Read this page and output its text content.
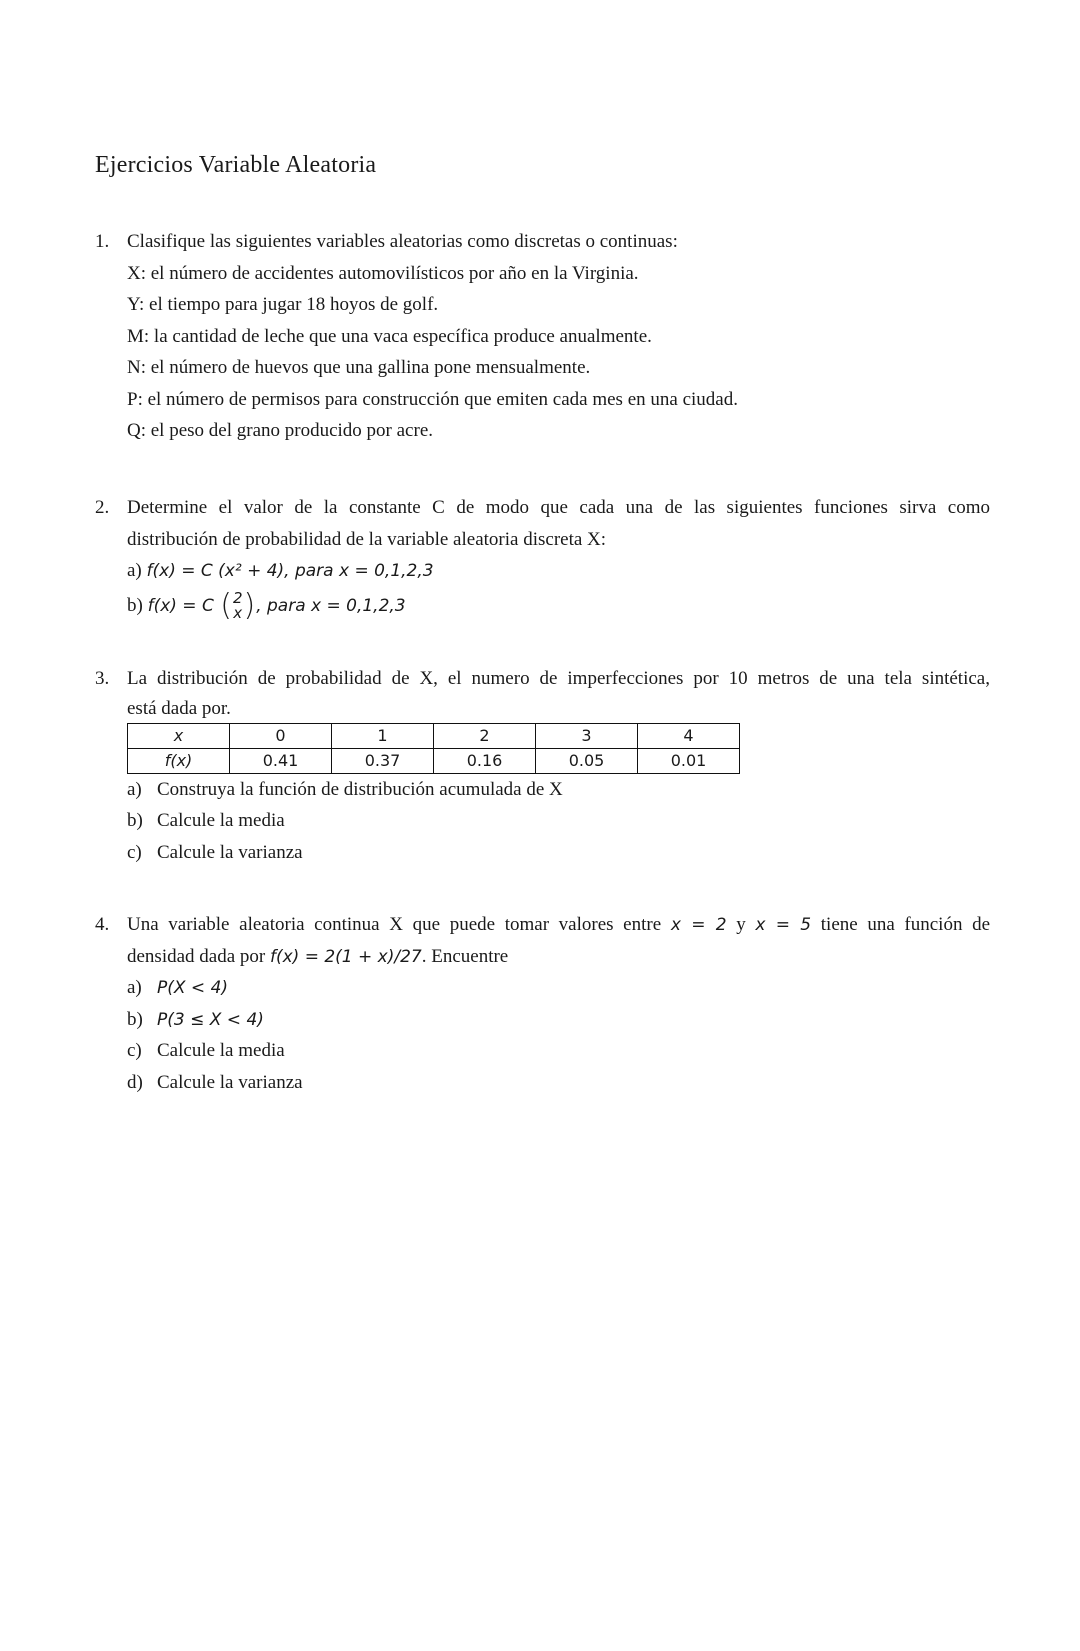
Ejercicios Variable Aleatoria
1. Clasifique las siguientes variables aleatorias como discretas o continuas:
X: el número de accidentes automovilísticos por año en la Virginia.
Y: el tiempo para jugar 18 hoyos de golf.
M: la cantidad de leche que una vaca específica produce anualmente.
N: el número de huevos que una gallina pone mensualmente.
P: el número de permisos para construcción que emiten cada mes en una ciudad.
Q: el peso del grano producido por acre.
2. Determine el valor de la constante C de modo que cada una de las siguientes funciones sirva como
distribución de probabilidad de la variable aleatoria discreta X:
a) f(x) = C (x² + 4), para x = 0,1,2,3
b) f(x) = C (2
x), para x = 0,1,2,3
3. La distribución de probabilidad de X, el numero de imperfecciones por 10 metros de una tela sintética,
está dada por.
x	0	1	2	3	4
f(x)	0.41	0.37	0.16	0.05	0.01
a) Construya la función de distribución acumulada de X
b) Calcule la media
c) Calcule la varianza
4. Una variable aleatoria continua X que puede tomar valores entre x = 2 y x = 5 tiene una función de
densidad dada por f(x) = 2(1 + x)/27. Encuentre
a) P(X < 4)
b) P(3 ≤ X < 4)
c) Calcule la media
d) Calcule la varianza
